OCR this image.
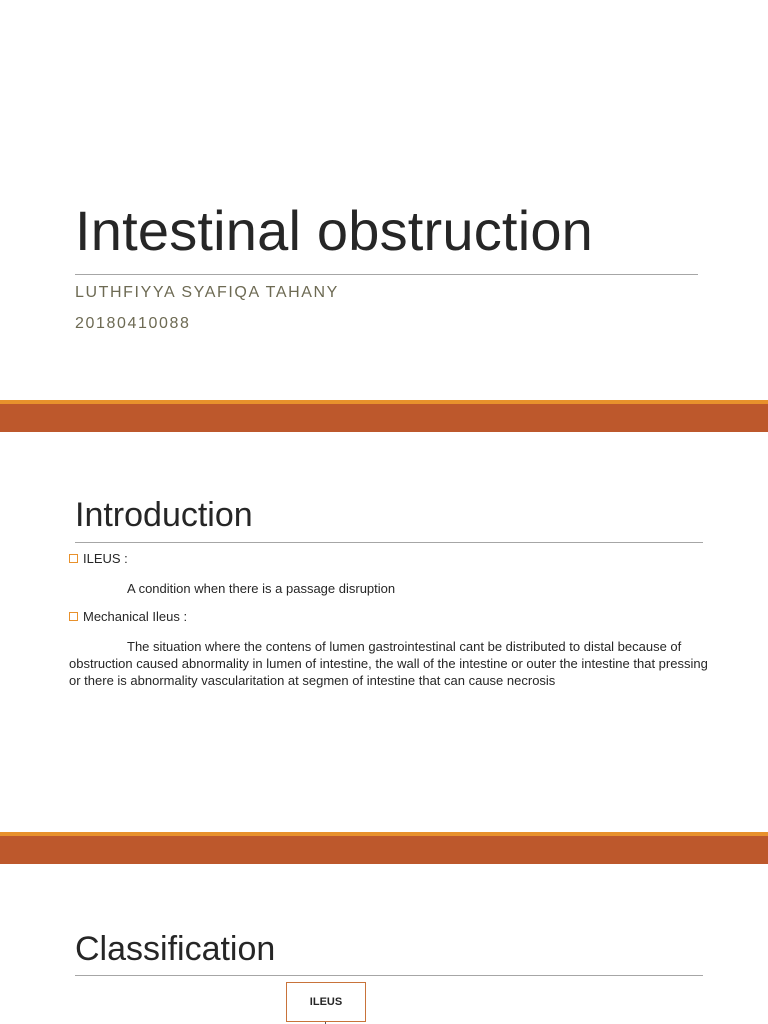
Intestinal obstruction
LUTHFIYYA SYAFIQA TAHANY
20180410088
Introduction
ILEUS :
A condition when there is a passage disruption
Mechanical Ileus :
The situation where the contens of lumen gastrointestinal cant be distributed to distal because of obstruction caused abnormality in lumen of intestine, the wall of the intestine or outer the intestine that pressing or there is abnormality vascularitation at segmen of intestine that can cause necrosis
Classification
ILEUS
